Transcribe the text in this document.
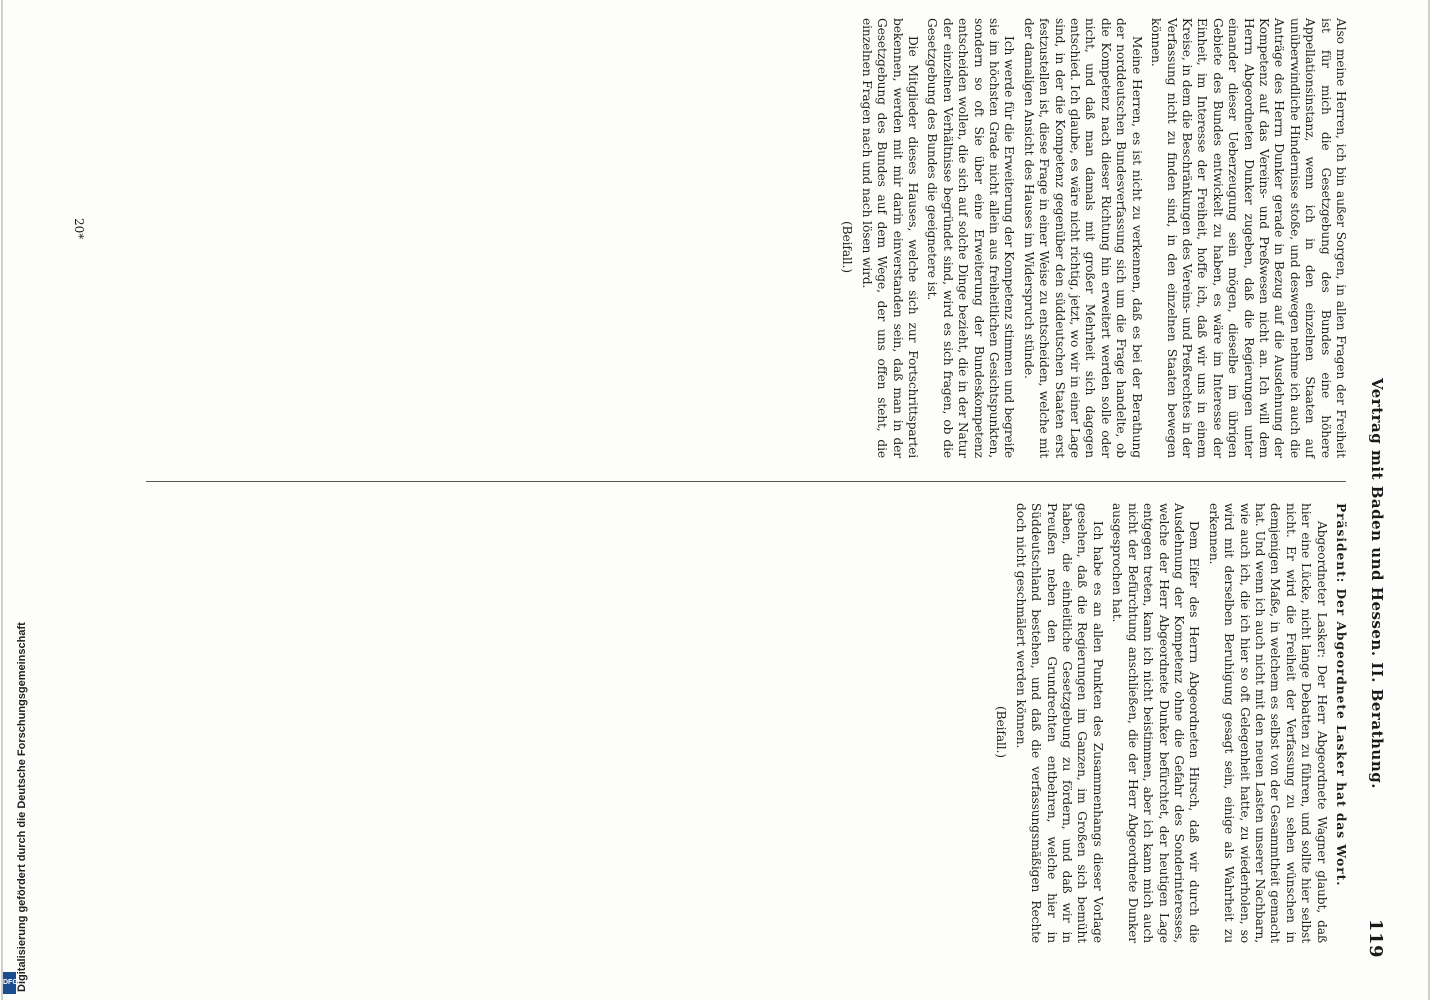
Vertrag mit Baden und Hessen. II. Berathung.
119

Also meine Herren, ich bin außer Sorgen, in allen Fragen der Freiheit ist für mich die Gesetzgebung des Bundes eine höhere Appellationsinstanz, wenn ich in den einzelnen Staaten auf unüberwindliche Hindernisse stoße, und deswegen nehme ich auch die Anträge des Herrn Dunker gerade in Bezug auf die Ausdehnung der Kompetenz auf das Vereins- und Preßwesen nicht an. Ich will dem Herrn Abgeordneten Dunker zugeben, daß die Regierungen unter einander dieser Ueberzeugung sein mögen, dieselbe im übrigen Gebiete des Bundes entwickelt zu haben, es wäre im Interesse der Einheit, im Interesse der Freiheit, hoffe ich, daß wir uns in einem Kreise, in dem die Beschränkungen des Vereins- und Preßrechtes in der Verfassung nicht zu finden sind, in den einzelnen Staaten bewegen können.

Meine Herren, es ist nicht zu verkennen, daß es bei der Berathung der norddeutschen Bundesverfassung sich um die Frage handelte, ob die Kompetenz nach dieser Richtung hin erweitert werden solle oder nicht, und daß man damals mit großer Mehrheit sich dagegen entschied. Ich glaube, es wäre nicht richtig, jetzt, wo wir in einer Lage sind, in der die Kompetenz gegenüber den süddeutschen Staaten erst festzustellen ist, diese Frage in einer Weise zu entscheiden, welche mit der damaligen Ansicht des Hauses im Widerspruch stünde.

Ich werde für die Erweiterung der Kompetenz stimmen und begreife sie im höchsten Grade nicht allein aus freiheitlichen Gesichtspunkten, sondern so oft Sie über eine Erweiterung der Bundeskompetenz entscheiden wollen, die sich auf solche Dinge bezieht, die in der Natur der einzelnen Verhältnisse begründet sind, wird es sich fragen, ob die Gesetzgebung des Bundes die geeignetere ist.

Die Mitglieder dieses Hauses, welche sich zur Fortschrittspartei bekennen, werden mit mir darin einverstanden sein, daß man in der Gesetzgebung des Bundes auf dem Wege, der uns offen steht, die einzelnen Fragen nach und nach lösen wird.

(Beifall.)

Präsident: Der Abgeordnete Lasker hat das Wort.

Abgeordneter Lasker: Der Herr Abgeordnete Wagner glaubt, daß hier eine Lücke, nicht lange Debatten zu führen, und sollte hier selbst nicht. Er wird die Freiheit der Verfassung zu sehen wünschen in demjenigen Maße, in welchem es selbst von der Gesammtheit gemacht hat. Und wenn ich auch nicht mit den neuen Lasten unserer Nachbarn, wie auch ich, die ich hier so oft Gelegenheit hatte, zu wiederholen, so wird mit derselben Beruhigung gesagt sein, einige als Wahrheit zu erkennen.

Dem Eifer des Herrn Abgeordneten Hirsch, daß wir durch die Ausdehnung der Kompetenz ohne die Gefahr des Sonderinteresses, welche der Herr Abgeordnete Dunker befürchtet, der heutigen Lage entgegen treten, kann ich nicht beistimmen, aber ich kann mich auch nicht der Befürchtung anschließen, die der Herr Abgeordnete Dunker ausgesprochen hat.

Ich habe es an allen Punkten des Zusammenhangs dieser Vorlage gesehen, daß die Regierungen im Ganzen, im Großen sich bemüht haben, die einheitliche Gesetzgebung zu fördern, und daß wir in Preußen neben den Grundrechten entbehren, welche hier in Süddeutschland bestehen, und daß die verfassungsmäßigen Rechte doch nicht geschmälert werden können.

(Beifall.)

20*
Digitalisierung gefördert durch die Deutsche Forschungsgemeinschaft
DFG
